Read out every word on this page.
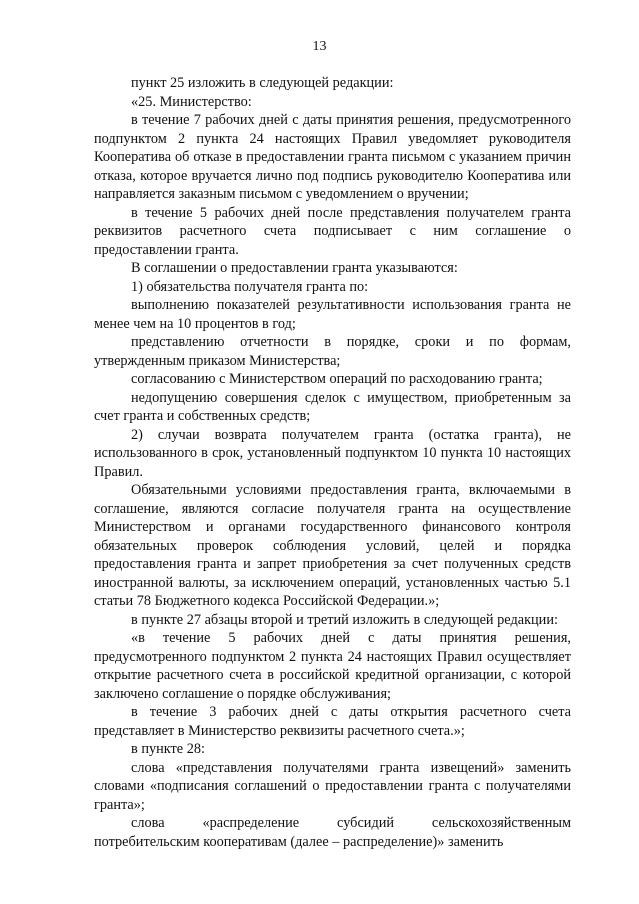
13

пункт 25 изложить в следующей редакции:

«25. Министерство:

в течение 7 рабочих дней с даты принятия решения, предусмотренного подпунктом 2 пункта 24 настоящих Правил уведомляет руководителя Кооператива об отказе в предоставлении гранта письмом с указанием причин отказа, которое вручается лично под подпись руководителю Кооператива или направляется заказным письмом с уведомлением о вручении;

в течение 5 рабочих дней после представления получателем гранта реквизитов расчетного счета подписывает с ним соглашение о предоставлении гранта.

В соглашении о предоставлении гранта указываются:

1) обязательства получателя гранта по:

выполнению показателей результативности использования гранта не менее чем на 10 процентов в год;

представлению отчетности в порядке, сроки и по формам, утвержденным приказом Министерства;

согласованию с Министерством операций по расходованию гранта;

недопущению совершения сделок с имуществом, приобретенным за счет гранта и собственных средств;

2) случаи возврата получателем гранта (остатка гранта), не использованного в срок, установленный подпунктом 10 пункта 10 настоящих Правил.

Обязательными условиями предоставления гранта, включаемыми в соглашение, являются согласие получателя гранта на осуществление Министерством и органами государственного финансового контроля обязательных проверок соблюдения условий, целей и порядка предоставления гранта и запрет приобретения за счет полученных средств иностранной валюты, за исключением операций, установленных частью 5.1 статьи 78 Бюджетного кодекса Российской Федерации.»;

в пункте 27 абзацы второй и третий изложить в следующей редакции:

«в течение 5 рабочих дней с даты принятия решения, предусмотренного подпунктом 2 пункта 24 настоящих Правил осуществляет открытие расчетного счета в российской кредитной организации, с которой заключено соглашение о порядке обслуживания;

в течение 3 рабочих дней с даты открытия расчетного счета представляет в Министерство реквизиты расчетного счета.»;

в пункте 28:

слова «представления получателями гранта извещений» заменить словами «подписания соглашений о предоставлении гранта с получателями гранта»;

слова «распределение субсидий сельскохозяйственным потребительским кооперативам (далее – распределение)» заменить
